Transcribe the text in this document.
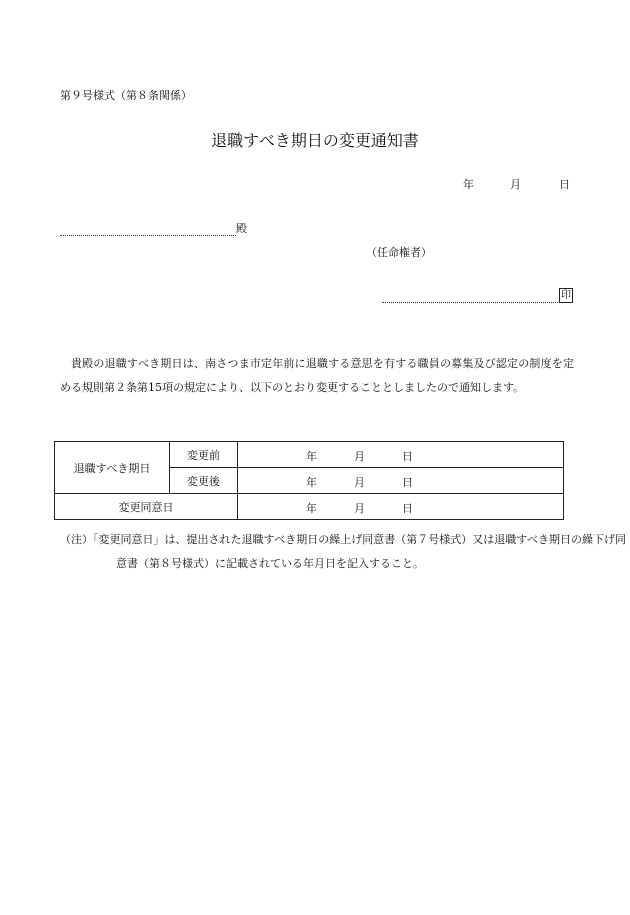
第９号様式（第８条関係）
退職すべき期日の変更通知書
年	月	日
殿
（任命権者）
印
貴殿の退職すべき期日は、南さつま市定年前に退職する意思を有する職員の募集及び認定の制度を定める規則第２条第15項の規定により、以下のとおり変更することとしましたので通知します。
退職すべき期日	変更前	年 月 日

	変更後	年 月 日

変更同意日		年 月 日
（注）「変更同意日」は、提出された退職すべき期日の繰上げ同意書（第７号様式）又は退職すべき期日の繰下げ同意書（第８号様式）に記載されている年月日を記入すること。
